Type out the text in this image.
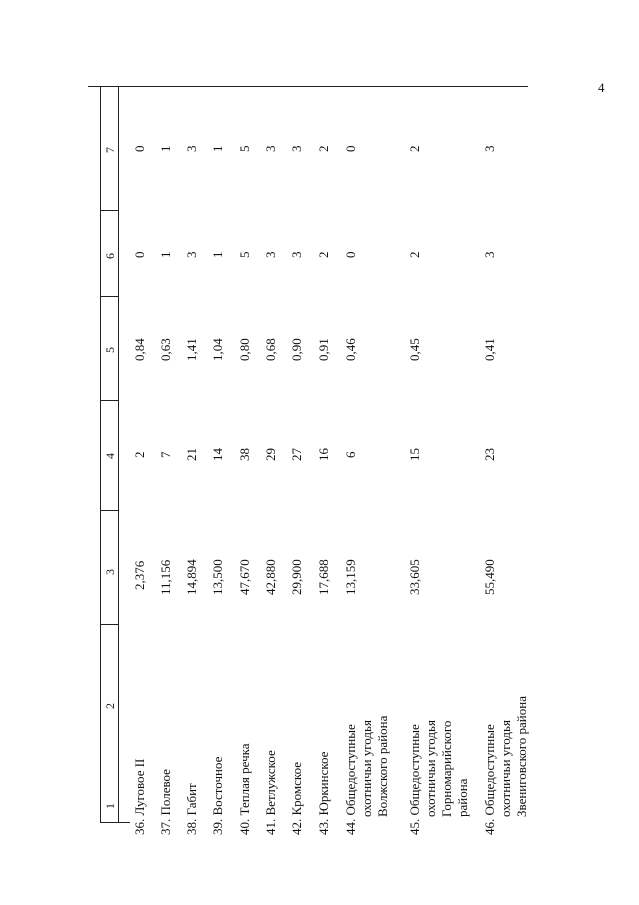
4
1
2
3
4
5
6
7
36. Луговое II
2,376
2
0,84
0
0
37. Полевое
11,156
7
0,63
1
1
38. Габит
14,894
21
1,41
3
3
39. Восточное
13,500
14
1,04
1
1
40. Теплая речка
47,670
38
0,80
5
5
41. Ветлужское
42,880
29
0,68
3
3
42. Кромское
29,900
27
0,90
3
3
43. Юркинское
17,688
16
0,91
2
2
44. Общедоступные охотничьи угодья Волжского района
13,159
6
0,46
0
0
45. Общедоступные охотничьи угодья Горномарийского района
33,605
15
0,45
2
2
46. Общедоступные охотничьи угодья Звениговского района
55,490
23
0,41
3
3
